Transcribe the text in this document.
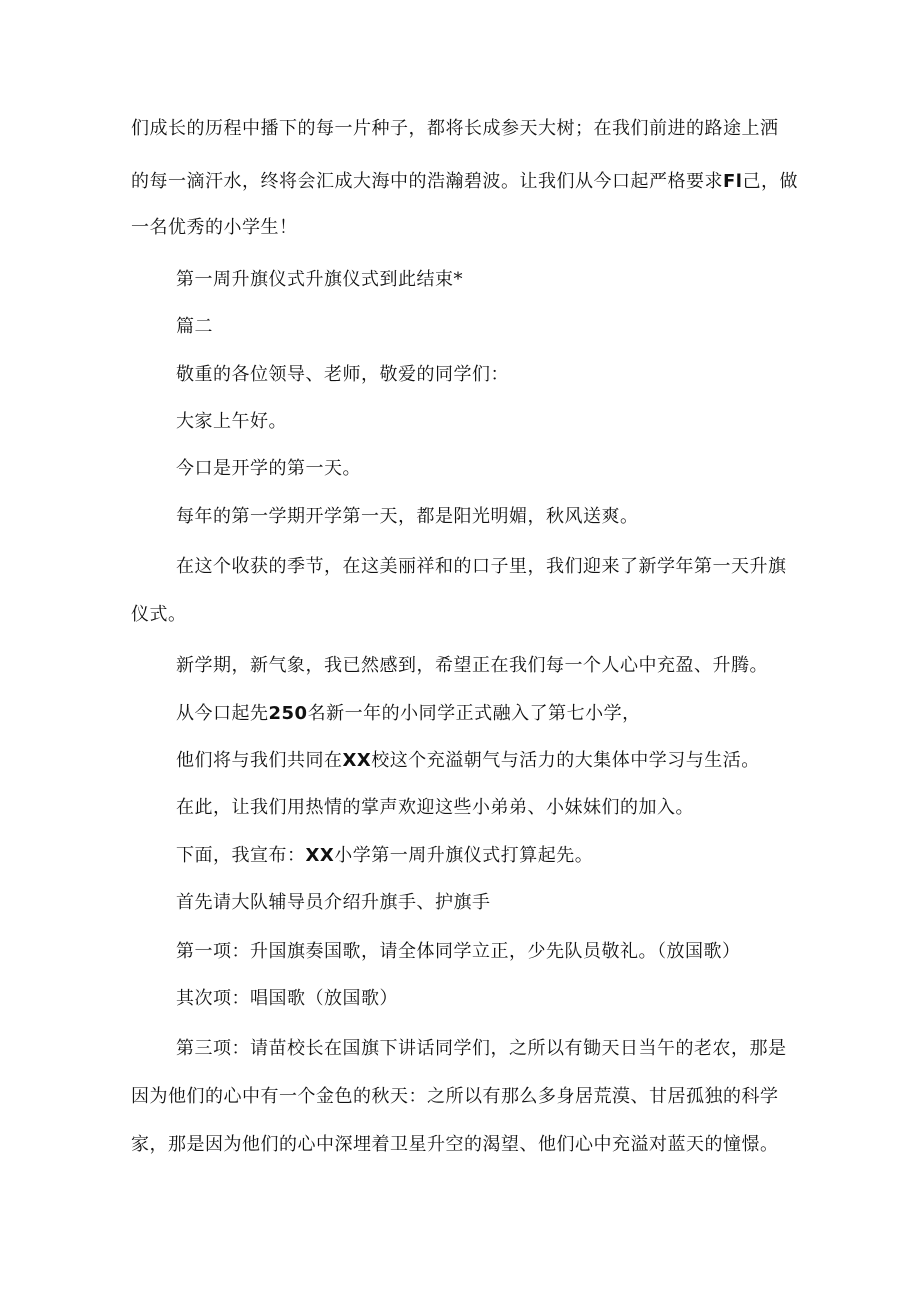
们成长的历程中播下的每一片种子，都将长成参天大树；在我们前进的路途上洒
的每一滴汗水，终将会汇成大海中的浩瀚碧波。让我们从今口起严格要求Fl己，做
一名优秀的小学生！
第一周升旗仪式升旗仪式到此结束*
篇二
敬重的各位领导、老师，敬爱的同学们：
大家上午好。
今口是开学的第一天。
每年的第一学期开学第一天，都是阳光明媚，秋风送爽。
在这个收获的季节，在这美丽祥和的口子里，我们迎来了新学年第一天升旗
仪式。
新学期，新气象，我已然感到，希望正在我们每一个人心中充盈、升腾。
从今口起先250名新一年的小同学正式融入了第七小学，
他们将与我们共同在XX校这个充溢朝气与活力的大集体中学习与生活。
在此，让我们用热情的掌声欢迎这些小弟弟、小妹妹们的加入。
下面，我宣布：XX小学第一周升旗仪式打算起先。
首先请大队辅导员介绍升旗手、护旗手
第一项：升国旗奏国歌，请全体同学立正，少先队员敬礼。（放国歌）
其次项：唱国歌（放国歌）
第三项：请苗校长在国旗下讲话同学们，之所以有锄天日当午的老农，那是
因为他们的心中有一个金色的秋天：之所以有那么多身居荒漠、甘居孤独的科学
家，那是因为他们的心中深埋着卫星升空的渴望、他们心中充溢对蓝天的憧憬。
